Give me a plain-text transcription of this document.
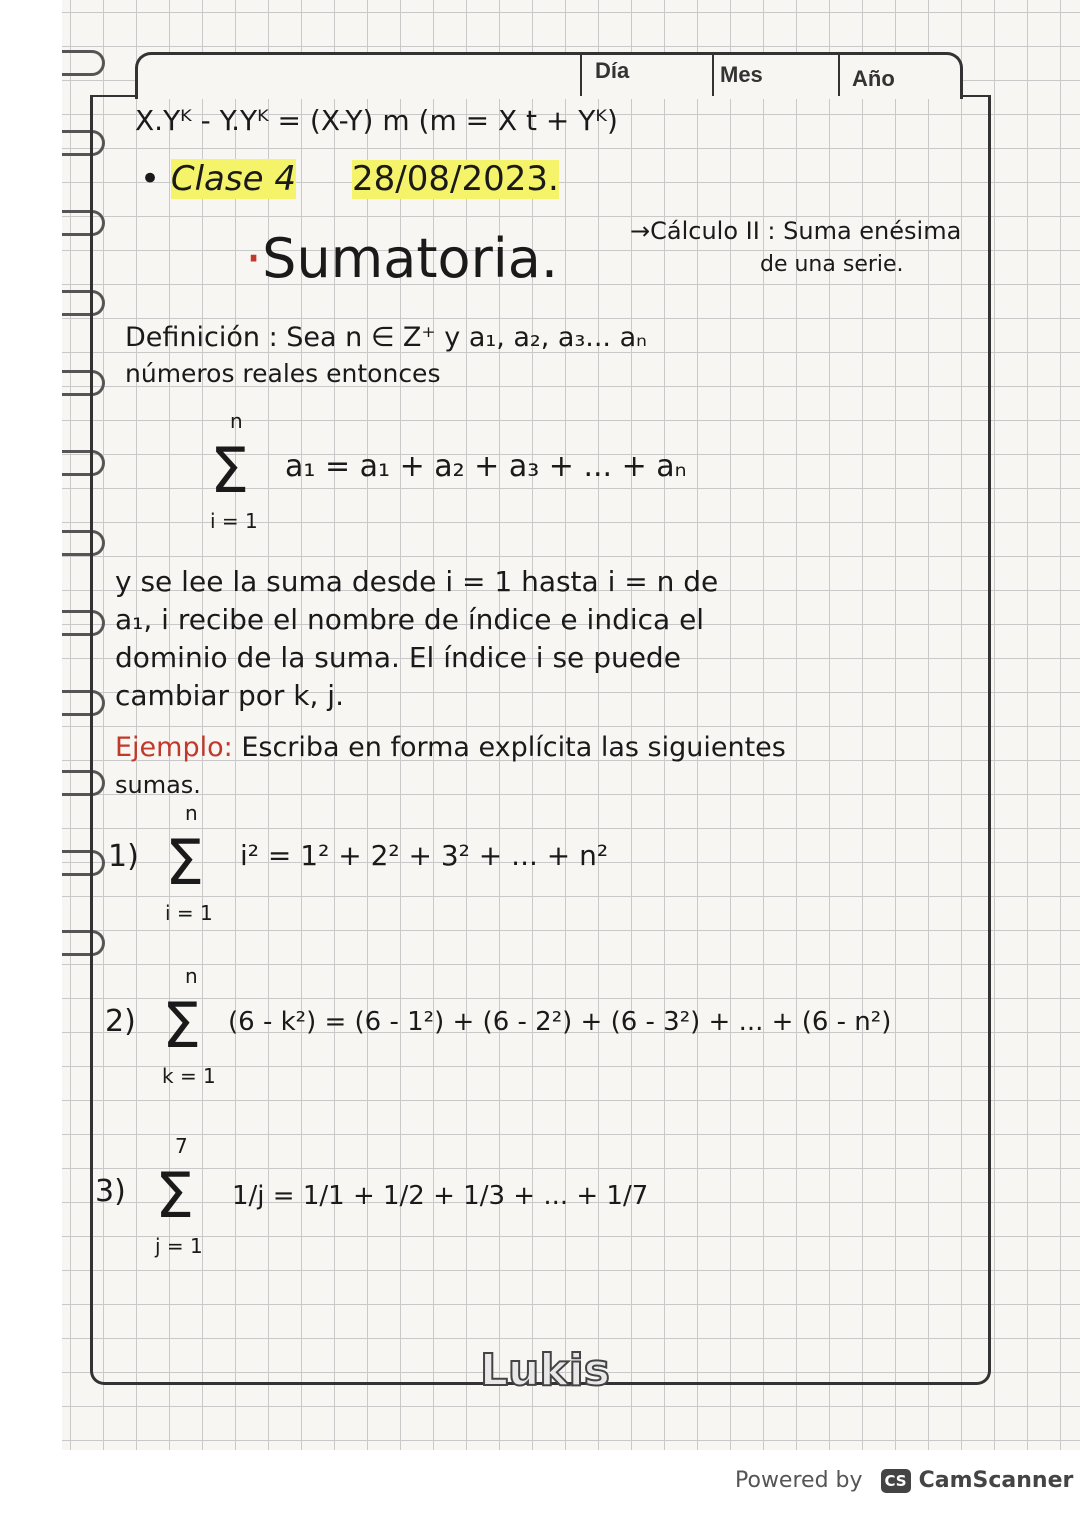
Día	Mes	Año
X.Yᴷ - Y.Yᴷ = (X-Y) m (m = X t + Yᴷ)
• Clase 4 28/08/2023.
·Sumatoria.	→Cálculo II : Suma enésima
de una serie.
Definición : Sea n ∈ Z⁺ y a₁, a₂, a₃... aₙ
números reales entonces
n
Σ
i = 1
a₁ = a₁ + a₂ + a₃ + ... + aₙ
y se lee la suma desde i = 1 hasta i = n de
a₁, i recibe el nombre de índice e indica el
dominio de la suma. El índice i se puede
cambiar por k, j.
Ejemplo: Escriba en forma explícita las siguientes
sumas.
1)
n
Σ
i = 1
i² = 1² + 2² + 3² + ... + n²
2)
n
Σ
k = 1
(6 - k²) = (6 - 1²) + (6 - 2²) + (6 - 3²) + ... + (6 - n²)
3)
7
Σ
j = 1
1/j = 1/1 + 1/2 + 1/3 + ... + 1/7
Lukis
Powered by CS CamScanner
